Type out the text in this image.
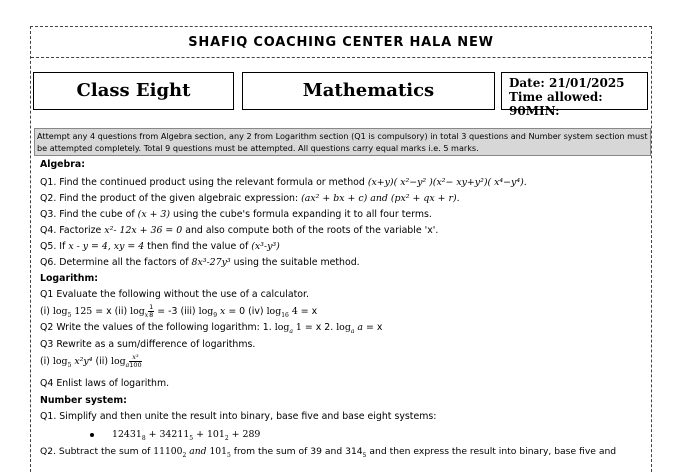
SHAFIQ COACHING CENTER HALA NEW
Class Eight	Mathematics	Date: 21/01/2025
Time allowed: 90MIN:
Attempt any 4 questions from Algebra section, any 2 from Logarithm section (Q1 is compulsory) in total 3 questions and Number system section must be attempted completely. Total 9 questions must be attempted. All questions carry equal marks i.e. 5 marks.
Algebra:
Q1. Find the continued product using the relevant formula or method (x+y)( x²−y² )(x²− xy+y²)( x⁴−y⁴).
Q2. Find the product of the given algebraic expression: (ax² + bx + c) and (px² + qx + r).
Q3. Find the cube of (x + 3) using the cube's formula expanding it to all four terms.
Q4. Factorize x²- 12x + 36 = 0 and also compute both of the roots of the variable 'x'.
Q5. If x - y = 4, xy = 4 then find the value of (x³-y³)
Q6. Determine all the factors of 8x³-27y³ using the suitable method.
Logarithm:
Q1 Evaluate the following without the use of a calculator.
(i) $\log_5 125 = x$ (ii) $\log_x \frac{1}{8} = -3$ (iii) $\log_9 x = 0$ (iv) $\log_{16} 4 = x$
Q2 Write the values of the following logarithm: 1. $\log_a 1 = x$ 2. $\log_a a = x$
Q3 Rewrite as a sum/difference of logarithms.
(i) $\log_5 x^2y^4$ (ii) $\log_a \frac{\text{x³}}{100}$
Q4 Enlist laws of logarithm.
Number system:
Q1. Simplify and then unite the result into binary, base five and base eight systems:
$12431_8 + 34211_5 + 101_2 + 289$
Q2. Subtract the sum of $11100_2$ and $101_5$ from the sum of 39 and $314_5$ and then express the result into binary, base five and
